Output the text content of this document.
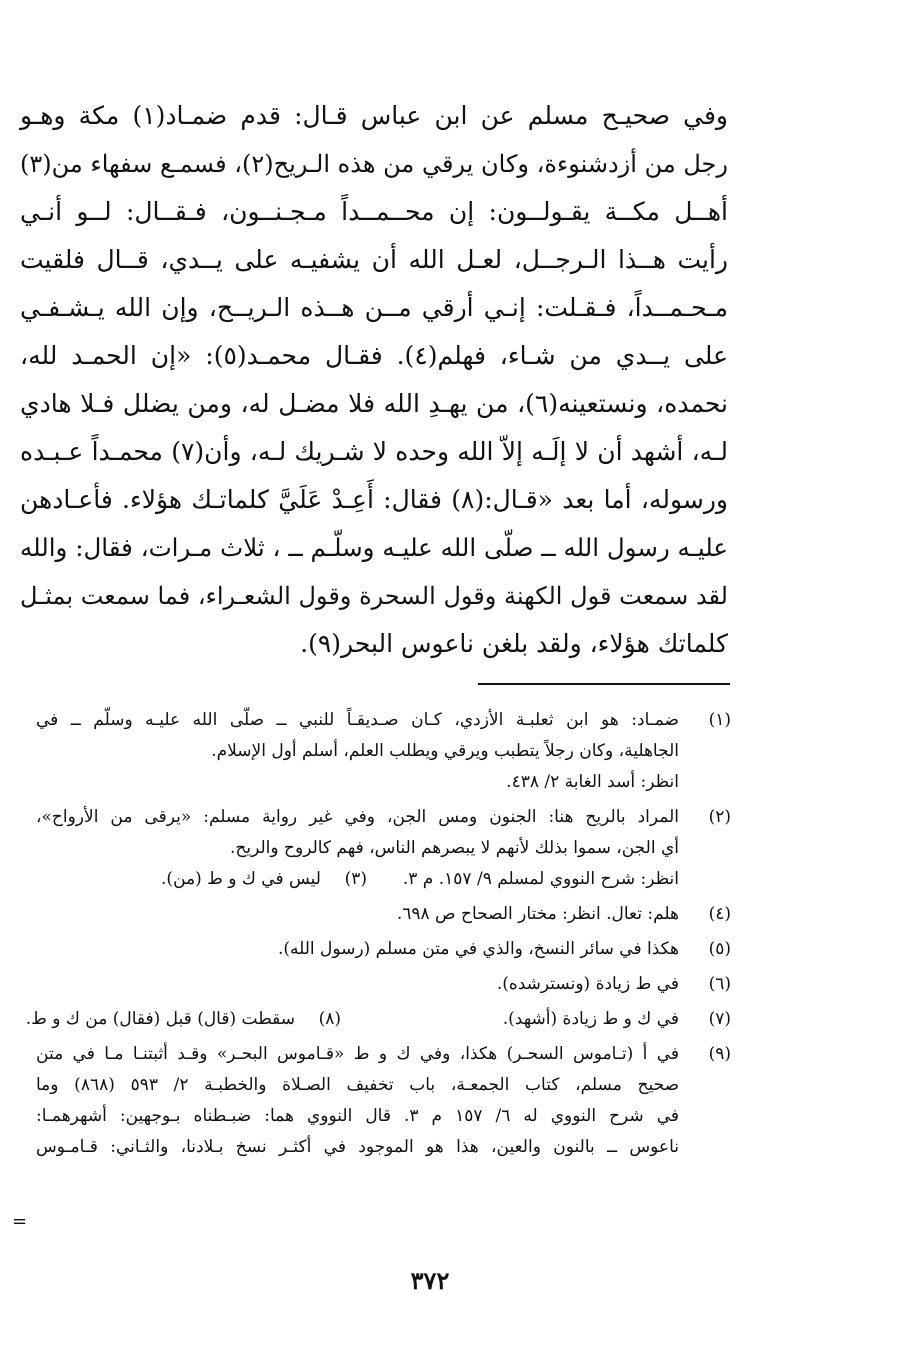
وفي صحيـح مسلم عن ابن عباس قـال: قدم ضمـاد(١) مكة وهـو
رجل من أزدشنوءة، وكان يرقي من هذه الـريح(٢)، فسمـع سفهاء من(٣)
أهــل مكــة يقـولــون: إن محــمــداً مـجـنــون، فـقــال: لــو أنـي
رأيت هــذا الـرجــل، لعـل الله أن يشفيـه على يــدي، قــال فلقيت
مـحـمــداً، فـقـلت: إنـي أرقي مــن هــذه الـريــح، وإن الله يـشـفـي
على يــدي من شـاء، فهلم(٤). فقـال محمـد(٥): «إن الحمـد لله،
نحمده، ونستعينه(٦)، من يهـدِ الله فلا مضـل له، ومن يضلل فـلا هادي
لـه، أشهد أن لا إلَـه إلاّ الله وحده لا شـريك لـه، وأن(٧) محمـداً عـبـده
ورسوله، أما بعد «قـال:(٨) فقال: أَعِـدْ عَلَيَّ كلماتـك هؤلاء. فأعـادهن
عليـه رسول الله ــ صلّى الله عليـه وسلّـم ــ ، ثلاث مـرات، فقال: والله
لقد سمعت قول الكهنة وقول السحرة وقول الشعـراء، فما سمعت بمثـل
كلماتك هؤلاء، ولقد بلغن ناعوس البحر(٩).
(١)
ضمـاد: هو ابن ثعلبـة الأزدي، كـان صـديقـاً للنبي ــ صلّى الله عليـه وسلّم ــ في
الجاهلية، وكان رجلاً يتطبب ويرقي ويطلب العلم، أسلم أول الإسلام.
انظر: أسد الغابة ٢/ ٤٣٨.
(٢)
المراد بالريح هنا: الجنون ومس الجن، وفي غير رواية مسلم: «يرقى من الأرواح»،
أي الجن، سموا بذلك لأنهم لا يبصرهم الناس، فهم كالروح والريح.
انظر: شرح النووي لمسلم ٩/ ١٥٧. م ٣.
(٣)
ليس في ك و ط (من).
(٤)
هلم: تعال. انظر: مختار الصحاح ص ٦٩٨.
(٥)
هكذا في سائر النسخ، والذي في متن مسلم (رسول الله).
(٦)
في ط زيادة (ونسترشده).
(٧)
في ك و ط زيادة (أشهد).
(٨)
سقطت (قال) قبل (فقال) من ك و ط.
(٩)
في أ (تـاموس السحـر) هكذا، وفي ك و ط «قـاموس البحـر» وقـد أثبتنـا مـا في متن
صحيح مسلم، كتاب الجمعـة، باب تخفيف الصـلاة والخطبـة ٢/ ٥٩٣ (٨٦٨) وما
في شرح النووي له ٦/ ١٥٧ م ٣. قال النووي هما: ضبـطناه بـوجهين: أشهرهمـا:
ناعوس ــ بالنون والعين، هذا هو الموجود في أكثـر نسخ بـلادنا، والثـاني: قـامـوس
=
٣٧٢
